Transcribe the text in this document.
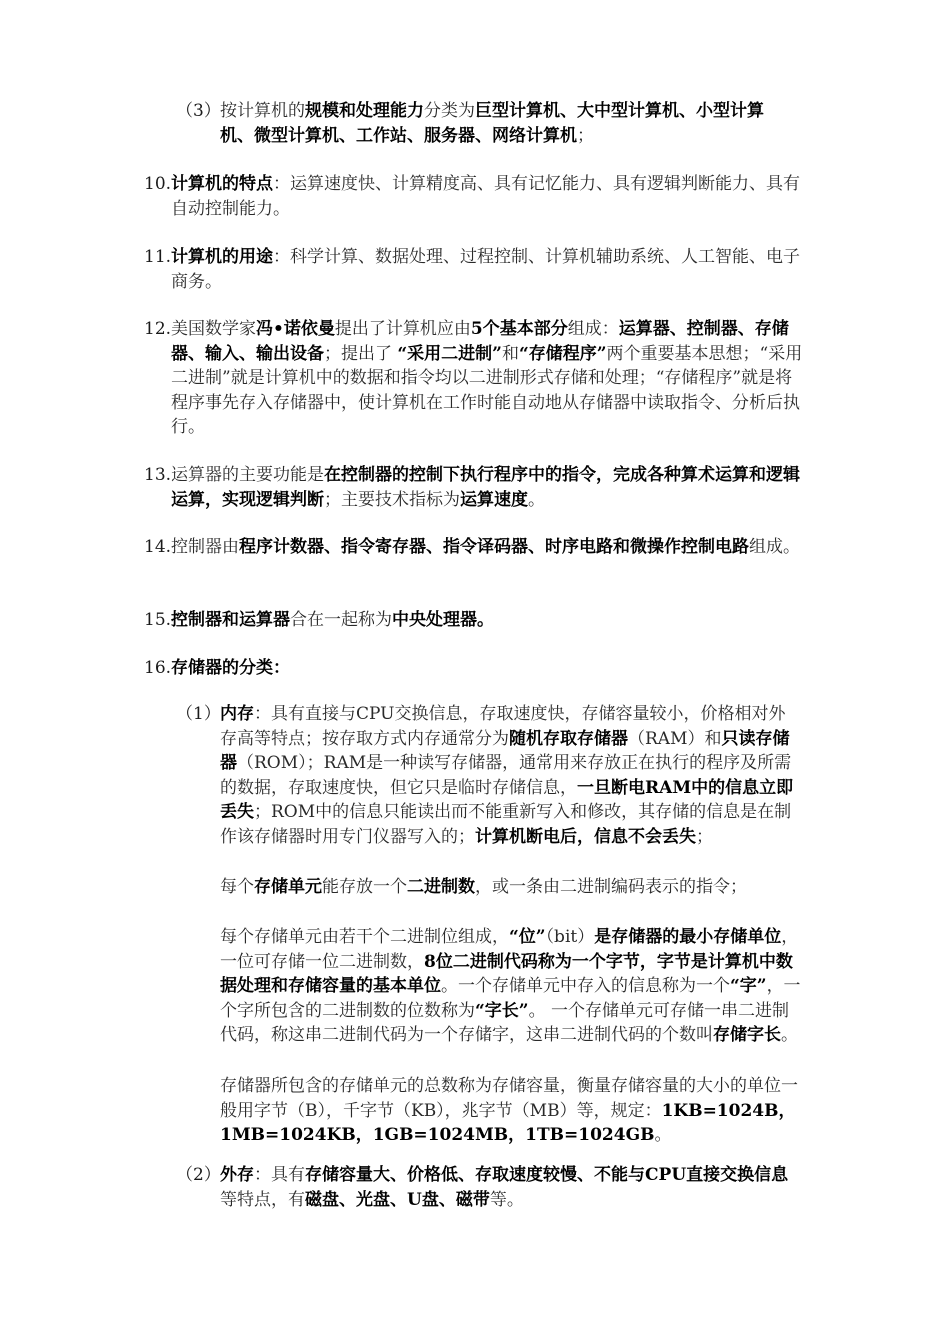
（3） 按计算机的规模和处理能力分类为巨型计算机、大中型计算机、小型计算机、微型计算机、工作站、服务器、网络计算机；
10. 计算机的特点：运算速度快、计算精度高、具有记忆能力、具有逻辑判断能力、具有自动控制能力。
11. 计算机的用途：科学计算、数据处理、过程控制、计算机辅助系统、人工智能、电子商务。
12. 美国数学家冯•诺依曼提出了计算机应由5个基本部分组成：运算器、控制器、存储器、输入、输出设备；提出了 “采用二进制”和“存储程序”两个重要基本思想；“采用二进制”就是计算机中的数据和指令均以二进制形式存储和处理；“存储程序”就是将程序事先存入存储器中，使计算机在工作时能自动地从存储器中读取指令、分析后执行。
13. 运算器的主要功能是在控制器的控制下执行程序中的指令，完成各种算术运算和逻辑运算，实现逻辑判断；主要技术指标为运算速度。
14. 控制器由程序计数器、指令寄存器、指令译码器、时序电路和微操作控制电路组成。
15. 控制器和运算器合在一起称为中央处理器。
16. 存储器的分类：
（1） 内存：具有直接与CPU交换信息，存取速度快，存储容量较小，价格相对外存高等特点；按存取方式内存通常分为随机存取存储器（RAM）和只读存储器（ROM）；RAM是一种读写存储器，通常用来存放正在执行的程序及所需的数据，存取速度快，但它只是临时存储信息，一旦断电RAM中的信息立即丢失；ROM中的信息只能读出而不能重新写入和修改，其存储的信息是在制作该存储器时用专门仪器写入的；计算机断电后，信息不会丢失；
每个存储单元能存放一个二进制数，或一条由二进制编码表示的指令；
每个存储单元由若干个二进制位组成，“位”（bit）是存储器的最小存储单位，一位可存储一位二进制数，8位二进制代码称为一个字节，字节是计算机中数据处理和存储容量的基本单位。一个存储单元中存入的信息称为一个“字”，一个字所包含的二进制数的位数称为“字长”。 一个存储单元可存储一串二进制代码，称这串二进制代码为一个存储字，这串二进制代码的个数叫存储字长。
存储器所包含的存储单元的总数称为存储容量，衡量存储容量的大小的单位一般用字节（B），千字节（KB），兆字节（MB）等，规定：1KB=1024B，1MB=1024KB，1GB=1024MB，1TB=1024GB。
（2） 外存：具有存储容量大、价格低、存取速度较慢、不能与CPU直接交换信息等特点，有磁盘、光盘、U盘、磁带等。
